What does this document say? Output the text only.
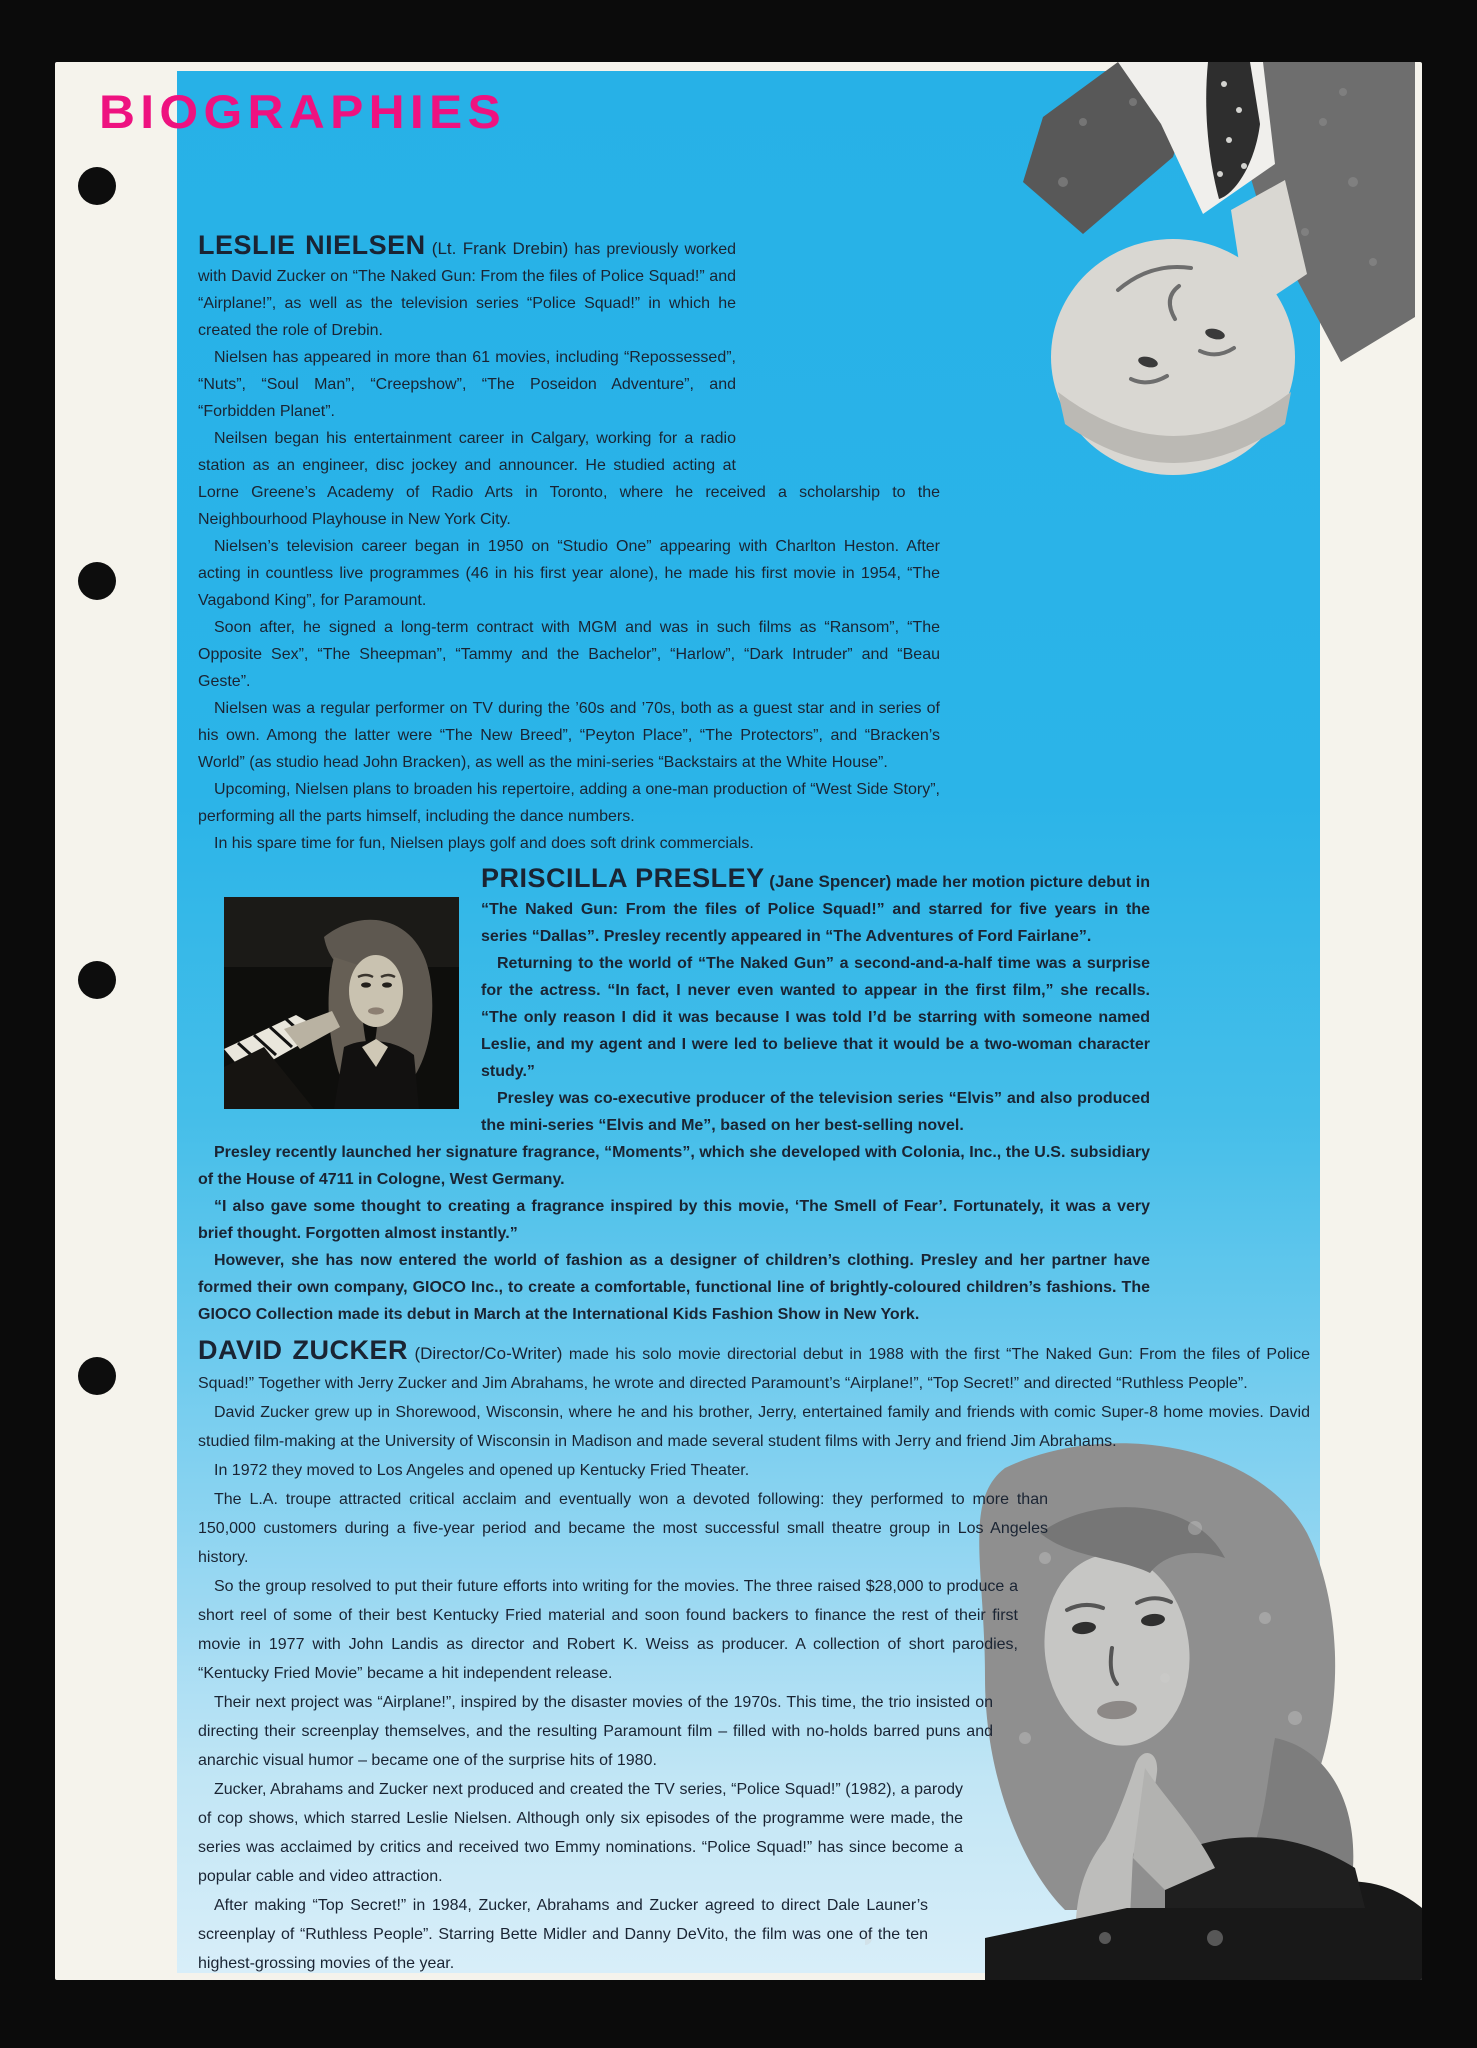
BIOGRAPHIES

LESLIE NIELSEN (Lt. Frank Drebin) has previously worked with David Zucker on “The Naked Gun: From the files of Police Squad!” and “Airplane!”, as well as the television series “Police Squad!” in which he created the role of Drebin.

Nielsen has appeared in more than 61 movies, including “Repossessed”, “Nuts”, “Soul Man”, “Creepshow”, “The Poseidon Adventure”, and “Forbidden Planet”.

Neilsen began his entertainment career in Calgary, working for a radio station as an engineer, disc jockey and announcer. He studied acting at Lorne Greene’s Academy of Radio Arts in Toronto, where he received a scholarship to the Neighbourhood Playhouse in New York City.

Nielsen’s television career began in 1950 on “Studio One” appearing with Charlton Heston. After acting in countless live programmes (46 in his first year alone), he made his first movie in 1954, “The Vagabond King”, for Paramount.

Soon after, he signed a long-term contract with MGM and was in such films as “Ransom”, “The Opposite Sex”, “The Sheepman”, “Tammy and the Bachelor”, “Harlow”, “Dark Intruder” and “Beau Geste”.

Nielsen was a regular performer on TV during the ’60s and ’70s, both as a guest star and in series of his own. Among the latter were “The New Breed”, “Peyton Place”, “The Protectors”, and “Bracken’s World” (as studio head John Bracken), as well as the mini-series “Backstairs at the White House”.

Upcoming, Nielsen plans to broaden his repertoire, adding a one-man production of “West Side Story”, performing all the parts himself, including the dance numbers.

In his spare time for fun, Nielsen plays golf and does soft drink commercials.

PRISCILLA PRESLEY (Jane Spencer) made her motion picture debut in “The Naked Gun: From the files of Police Squad!” and starred for five years in the series “Dallas”. Presley recently appeared in “The Adventures of Ford Fairlane”.

Returning to the world of “The Naked Gun” a second-and-a-half time was a surprise for the actress. “In fact, I never even wanted to appear in the first film,” she recalls. “The only reason I did it was because I was told I’d be starring with someone named Leslie, and my agent and I were led to believe that it would be a two-woman character study.”

Presley was co-executive producer of the television series “Elvis” and also produced the mini-series “Elvis and Me”, based on her best-selling novel.

Presley recently launched her signature fragrance, “Moments”, which she developed with Colonia, Inc., the U.S. subsidiary of the House of 4711 in Cologne, West Germany.

“I also gave some thought to creating a fragrance inspired by this movie, ‘The Smell of Fear’. Fortunately, it was a very brief thought. Forgotten almost instantly.”

However, she has now entered the world of fashion as a designer of children’s clothing. Presley and her partner have formed their own company, GIOCO Inc., to create a comfortable, functional line of brightly-coloured children’s fashions. The GIOCO Collection made its debut in March at the International Kids Fashion Show in New York.

DAVID ZUCKER (Director/Co-Writer) made his solo movie directorial debut in 1988 with the first “The Naked Gun: From the files of Police Squad!” Together with Jerry Zucker and Jim Abrahams, he wrote and directed Paramount’s “Airplane!”, “Top Secret!” and directed “Ruthless People”.

David Zucker grew up in Shorewood, Wisconsin, where he and his brother, Jerry, entertained family and friends with comic Super-8 home movies. David studied film-making at the University of Wisconsin in Madison and made several student films with Jerry and friend Jim Abrahams.

In 1972 they moved to Los Angeles and opened up Kentucky Fried Theater.

The L.A. troupe attracted critical acclaim and eventually won a devoted following: they performed to more than 150,000 customers during a five-year period and became the most successful small theatre group in Los Angeles history.

So the group resolved to put their future efforts into writing for the movies. The three raised $28,000 to produce a short reel of some of their best Kentucky Fried material and soon found backers to finance the rest of their first movie in 1977 with John Landis as director and Robert K. Weiss as producer. A collection of short parodies, “Kentucky Fried Movie” became a hit independent release.

Their next project was “Airplane!”, inspired by the disaster movies of the 1970s. This time, the trio insisted on directing their screenplay themselves, and the resulting Paramount film – filled with no-holds barred puns and anarchic visual humor – became one of the surprise hits of 1980.

Zucker, Abrahams and Zucker next produced and created the TV series, “Police Squad!” (1982), a parody of cop shows, which starred Leslie Nielsen. Although only six episodes of the programme were made, the series was acclaimed by critics and received two Emmy nominations. “Police Squad!” has since become a popular cable and video attraction.

After making “Top Secret!” in 1984, Zucker, Abrahams and Zucker agreed to direct Dale Launer’s screenplay of “Ruthless People”. Starring Bette Midler and Danny DeVito, the film was one of the ten highest-grossing movies of the year.
